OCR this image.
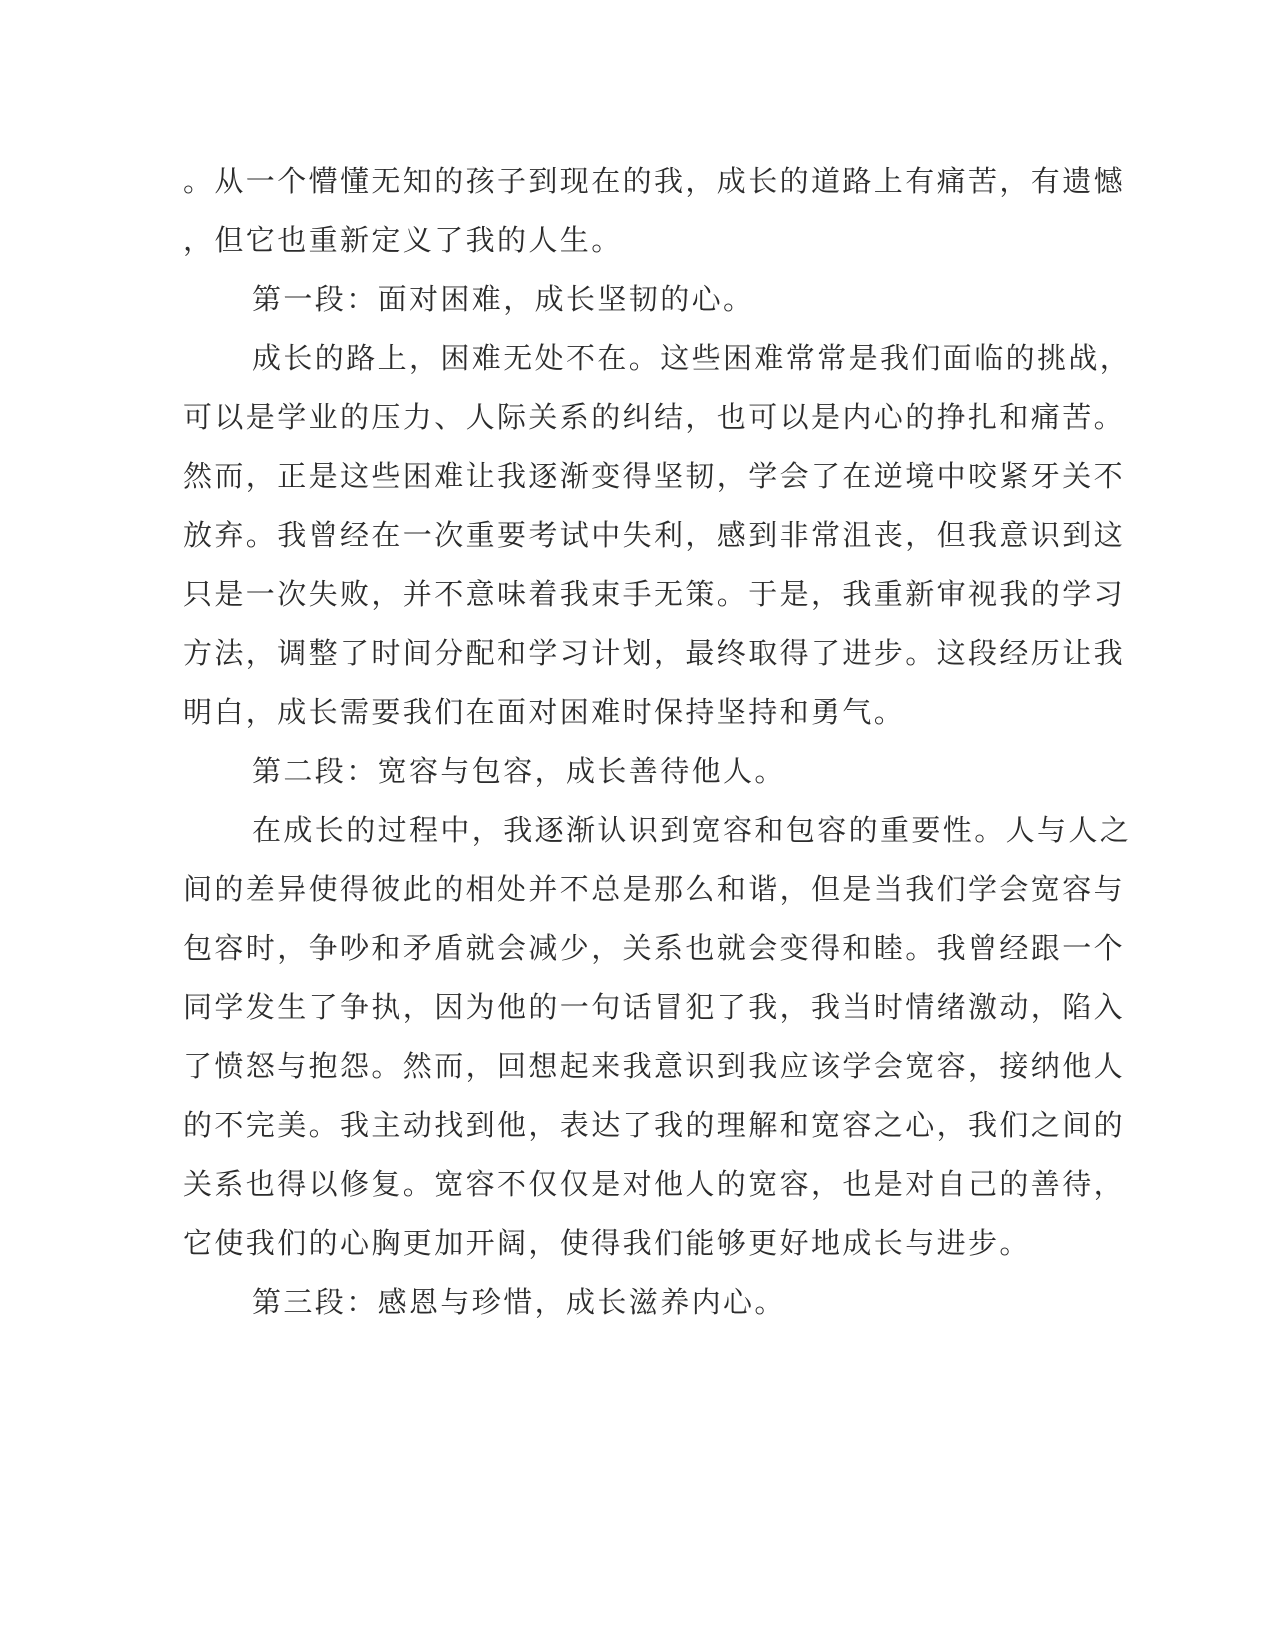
。从一个懵懂无知的孩子到现在的我，成长的道路上有痛苦，有遗憾
，但它也重新定义了我的人生。
第一段：面对困难，成长坚韧的心。
成长的路上，困难无处不在。这些困难常常是我们面临的挑战，
可以是学业的压力、人际关系的纠结，也可以是内心的挣扎和痛苦。
然而，正是这些困难让我逐渐变得坚韧，学会了在逆境中咬紧牙关不
放弃。我曾经在一次重要考试中失利，感到非常沮丧，但我意识到这
只是一次失败，并不意味着我束手无策。于是，我重新审视我的学习
方法，调整了时间分配和学习计划，最终取得了进步。这段经历让我
明白，成长需要我们在面对困难时保持坚持和勇气。
第二段：宽容与包容，成长善待他人。
在成长的过程中，我逐渐认识到宽容和包容的重要性。人与人之
间的差异使得彼此的相处并不总是那么和谐，但是当我们学会宽容与
包容时，争吵和矛盾就会减少，关系也就会变得和睦。我曾经跟一个
同学发生了争执，因为他的一句话冒犯了我，我当时情绪激动，陷入
了愤怒与抱怨。然而，回想起来我意识到我应该学会宽容，接纳他人
的不完美。我主动找到他，表达了我的理解和宽容之心，我们之间的
关系也得以修复。宽容不仅仅是对他人的宽容，也是对自己的善待，
它使我们的心胸更加开阔，使得我们能够更好地成长与进步。
第三段：感恩与珍惜，成长滋养内心。
